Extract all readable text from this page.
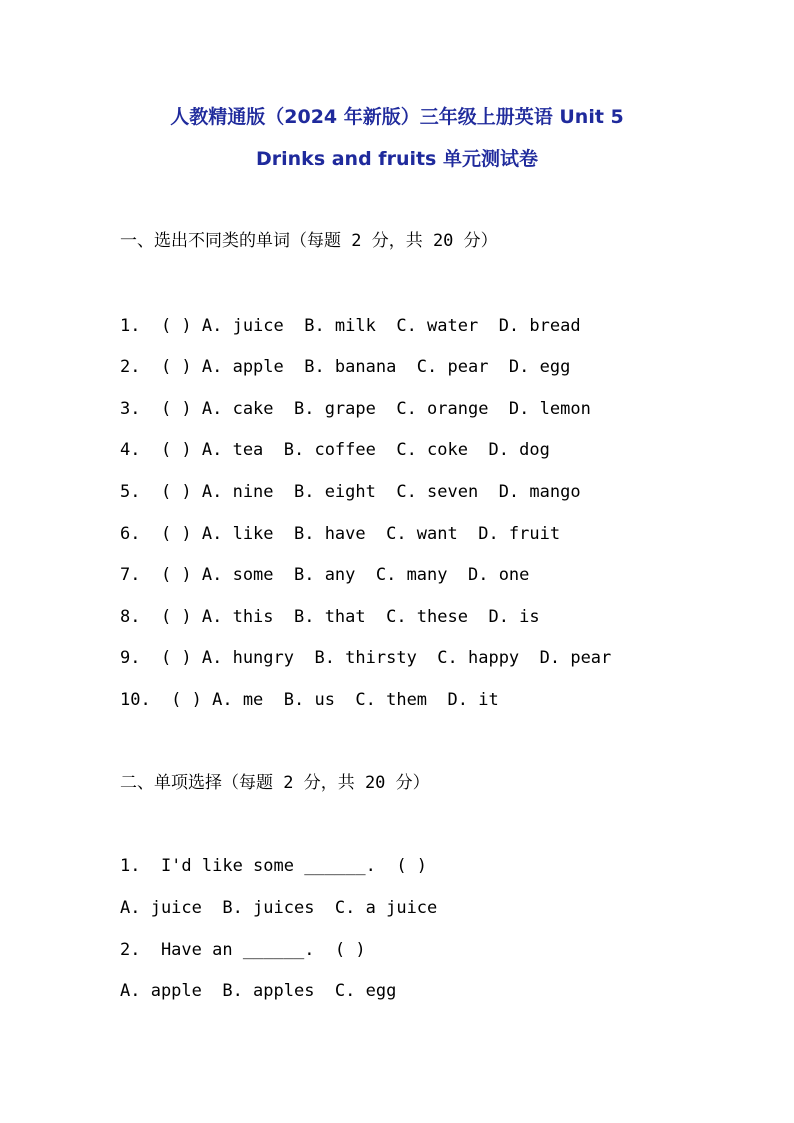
人教精通版（2024 年新版）三年级上册英语 Unit 5
Drinks and fruits 单元测试卷
一、选出不同类的单词（每题 2 分，共 20 分）
1.  ( ) A. juice  B. milk  C. water  D. bread
2.  ( ) A. apple  B. banana  C. pear  D. egg
3.  ( ) A. cake  B. grape  C. orange  D. lemon
4.  ( ) A. tea  B. coffee  C. coke  D. dog
5.  ( ) A. nine  B. eight  C. seven  D. mango
6.  ( ) A. like  B. have  C. want  D. fruit
7.  ( ) A. some  B. any  C. many  D. one
8.  ( ) A. this  B. that  C. these  D. is
9.  ( ) A. hungry  B. thirsty  C. happy  D. pear
10.  ( ) A. me  B. us  C. them  D. it
二、单项选择（每题 2 分，共 20 分）
1.  I'd like some ______.  ( )
A. juice  B. juices  C. a juice
2.  Have an ______.  ( )
A. apple  B. apples  C. egg
